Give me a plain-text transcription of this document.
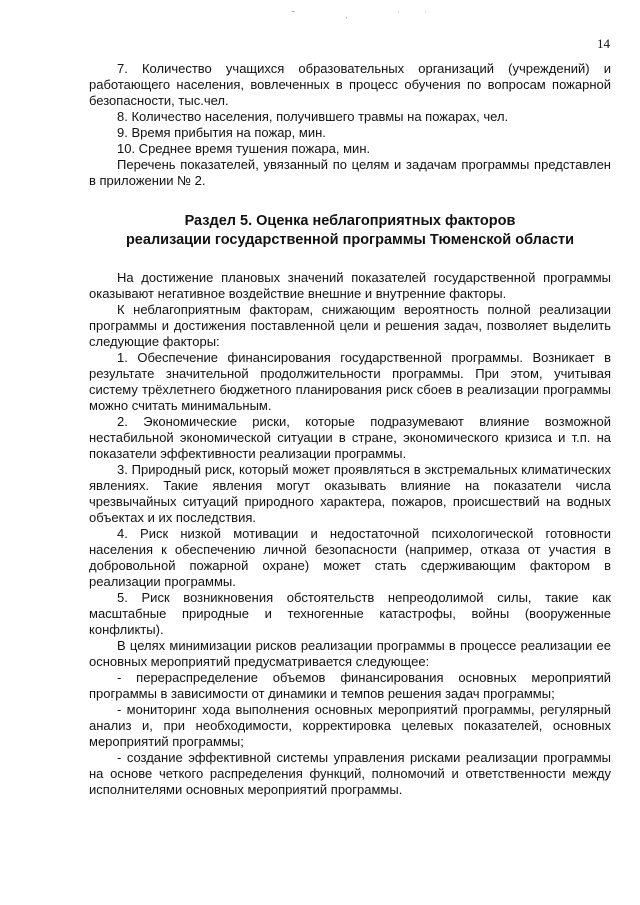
˜ ˏ ˙˙
14

7. Количество учащихся образовательных организаций (учреждений) и работающего населения, вовлеченных в процесс обучения по вопросам пожарной безопасности, тыс.чел.

8. Количество населения, получившего травмы на пожарах, чел.

9. Время прибытия на пожар, мин.

10. Среднее время тушения пожара, мин.

Перечень показателей, увязанный по целям и задачам программы представлен в приложении № 2.

Раздел 5. Оценка неблагоприятных факторов
реализации государственной программы Тюменской области

На достижение плановых значений показателей государственной программы оказывают негативное воздействие внешние и внутренние факторы.

К неблагоприятным факторам, снижающим вероятность полной реализации программы и достижения поставленной цели и решения задач, позволяет выделить следующие факторы:

1. Обеспечение финансирования государственной программы. Возникает в результате значительной продолжительности программы. При этом, учитывая систему трёхлетнего бюджетного планирования риск сбоев в реализации программы можно считать минимальным.

2. Экономические риски, которые подразумевают влияние возможной нестабильной экономической ситуации в стране, экономического кризиса и т.п. на показатели эффективности реализации программы.

3. Природный риск, который может проявляться в экстремальных климатических явлениях. Такие явления могут оказывать влияние на показатели числа чрезвычайных ситуаций природного характера, пожаров, происшествий на водных объектах и их последствия.

4. Риск низкой мотивации и недостаточной психологической готовности населения к обеспечению личной безопасности (например, отказа от участия в добровольной пожарной охране) может стать сдерживающим фактором в реализации программы.

5. Риск возникновения обстоятельств непреодолимой силы, такие как масштабные природные и техногенные катастрофы, войны (вооруженные конфликты).

В целях минимизации рисков реализации программы в процессе реализации ее основных мероприятий предусматривается следующее:

- перераспределение объемов финансирования основных мероприятий программы в зависимости от динамики и темпов решения задач программы;

- мониторинг хода выполнения основных мероприятий программы, регулярный анализ и, при необходимости, корректировка целевых показателей, основных мероприятий программы;

- создание эффективной системы управления рисками реализации программы на основе четкого распределения функций, полномочий и ответственности между исполнителями основных мероприятий программы.
